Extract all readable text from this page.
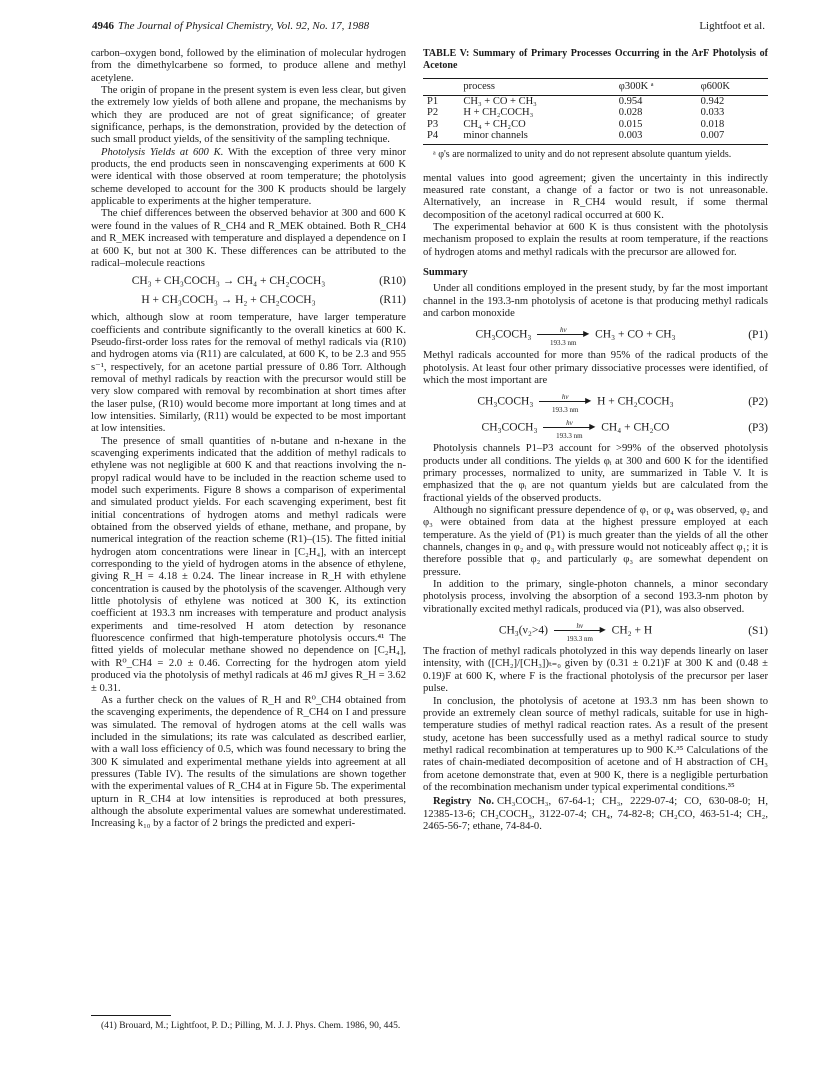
4946 The Journal of Physical Chemistry, Vol. 92, No. 17, 1988	Lightfoot et al.

carbon–oxygen bond, followed by the elimination of molecular hydrogen from the dimethylcarbene so formed, to produce allene and methyl acetylene.

The origin of propane in the present system is even less clear, but given the extremely low yields of both allene and propane, the mechanisms by which they are produced are not of great significance; of greater significance, perhaps, is the demonstration, provided by the detection of such small product yields, of the sensitivity of the sampling technique.

Photolysis Yields at 600 K. With the exception of three very minor products, the end products seen in nonscavenging experiments at 600 K were identical with those observed at room temperature; the photolysis scheme developed to account for the 300 K products should be largely applicable to experiments at the higher temperature.

The chief differences between the observed behavior at 300 and 600 K were found in the values of R_CH4 and R_MEK obtained. Both R_CH4 and R_MEK increased with temperature and displayed a dependence on I at 600 K, but not at 300 K. These differences can be attributed to the radical–molecule reactions

CH₃ + CH₃COCH₃ → CH₄ + CH₂COCH₃	(R10)
H + CH₃COCH₃ → H₂ + CH₂COCH₃	(R11)

which, although slow at room temperature, have larger temperature coefficients and contribute significantly to the overall kinetics at 600 K. Pseudo-first-order loss rates for the removal of methyl radicals via (R10) and hydrogen atoms via (R11) are calculated, at 600 K, to be 2.3 and 955 s⁻¹, respectively, for an acetone partial pressure of 0.86 Torr. Although removal of methyl radicals by reaction with the precursor would still be very slow compared with removal by recombination at short times after the laser pulse, (R10) would become more important at long times and at low intensities. Similarly, (R11) would be expected to be most important at low intensities.

The presence of small quantities of n-butane and n-hexane in the scavenging experiments indicated that the addition of methyl radicals to ethylene was not negligible at 600 K and that reactions involving the n-propyl radical would have to be included in the reaction scheme used to model such experiments. Figure 8 shows a comparison of experimental and simulated product yields. For each scavenging experiment, best fit initial concentrations of hydrogen atoms and methyl radicals were obtained from the observed yields of ethane, methane, and propane, by numerical integration of the reaction scheme (R1)–(15). The fitted initial hydrogen atom concentrations were linear in [C₂H₄], with an intercept corresponding to the yield of hydrogen atoms in the absence of ethylene, giving R_H = 4.18 ± 0.24. The linear increase in R_H with ethylene concentration is caused by the photolysis of the scavenger. Although very little photolysis of ethylene was noticed at 300 K, its extinction coefficient at 193.3 nm increases with temperature and product analysis experiments and time-resolved H atom detection by resonance fluorescence confirmed that high-temperature photolysis occurs.⁴¹ The fitted yields of molecular methane showed no dependence on [C₂H₄], with R⁰_CH4 = 2.0 ± 0.46. Correcting for the hydrogen atom yield produced via the photolysis of methyl radicals at 46 mJ gives R_H = 3.62 ± 0.31.

As a further check on the values of R_H and R⁰_CH4 obtained from the scavenging experiments, the dependence of R_CH4 on I and pressure was simulated. The removal of hydrogen atoms at the cell walls was included in the simulations; its rate was calculated as described earlier, with a wall loss efficiency of 0.5, which was found necessary to bring the 300 K simulated and experimental methane yields into agreement at all pressures (Table IV). The results of the simulations are shown together with the experimental values of R_CH4 at in Figure 5b. The experimental upturn in R_CH4 at low intensities is reproduced at both pressures, although the absolute experimental values are somewhat underestimated. Increasing k₁₀ by a factor of 2 brings the predicted and experi-

(41) Brouard, M.; Lightfoot, P. D.; Pilling, M. J. J. Phys. Chem. 1986, 90, 445.

TABLE V: Summary of Primary Processes Occurring in the ArF Photolysis of Acetone
	process	φ300K ᵃ	φ600K
P1	CH₃ + CO + CH₃	0.954	0.942
P2	H + CH₂COCH₃	0.028	0.033
P3	CH₄ + CH₂CO	0.015	0.018
P4	minor channels	0.003	0.007

ᵃ φ's are normalized to unity and do not represent absolute quantum yields.

mental values into good agreement; given the uncertainty in this indirectly measured rate constant, a change of a factor or two is not unreasonable. Alternatively, an increase in R_CH4 would result, if some thermal decomposition of the acetonyl radical occurred at 600 K.

The experimental behavior at 600 K is thus consistent with the photolysis mechanism proposed to explain the results at room temperature, if the reactions of hydrogen atoms and methyl radicals with the precursor are allowed for.

Summary

Under all conditions employed in the present study, by far the most important channel in the 193.3-nm photolysis of acetone is that producing methyl radicals and carbon monoxide

CH₃COCH₃	hν	▶
193.3 nm
CH₃ + CO + CH₃	(P1)

Methyl radicals accounted for more than 95% of the radical products of the photolysis. At least four other primary dissociative processes were identified, of which the most important are

CH₃COCH₃	hν	▶
193.3 nm
H + CH₂COCH₃	(P2)
CH₃COCH₃	hν	▶
193.3 nm
CH₄ + CH₂CO	(P3)

Photolysis channels P1–P3 account for >99% of the observed photolysis products under all conditions. The yields φᵢ at 300 and 600 K for the identified primary processes, normalized to unity, are summarized in Table V. It is emphasized that the φᵢ are not quantum yields but are calculated from the fractional yields of the observed products.

Although no significant pressure dependence of φ₁ or φ₄ was observed, φ₂ and φ₃ were obtained from data at the highest pressure employed at each temperature. As the yield of (P1) is much greater than the yields of all the other channels, changes in φ₂ and φ₃ with pressure would not noticeably affect φ₁; it is therefore possible that φ₂ and particularly φ₃ are somewhat dependent on pressure.

In addition to the primary, single-photon channels, a minor secondary photolysis process, involving the absorption of a second 193.3-nm photon by vibrationally excited methyl radicals, produced via (P1), was also observed.

CH₃(ν₂>4)	hν	▶
193.3 nm
CH₂ + H	(S1)

The fraction of methyl radicals photolyzed in this way depends linearly on laser intensity, with ([CH₂]/[CH₃])ₜ₌₀ given by (0.31 ± 0.21)F at 300 K and (0.48 ± 0.19)F at 600 K, where F is the fractional photolysis of the precursor per laser pulse.

In conclusion, the photolysis of acetone at 193.3 nm has been shown to provide an extremely clean source of methyl radicals, suitable for use in high-temperature studies of methyl radical reaction rates. As a result of the present study, acetone has been successfully used as a methyl radical source to study methyl radical recombination at temperatures up to 900 K.³⁵ Calculations of the rates of chain-mediated decomposition of acetone and of H abstraction of CH₃ from acetone demonstrate that, even at 900 K, there is a negligible perturbation of the recombination mechanism under typical experimental conditions.³⁵

Registry No. CH₃COCH₃, 67-64-1; CH₃, 2229-07-4; CO, 630-08-0; H, 12385-13-6; CH₂COCH₃, 3122-07-4; CH₄, 74-82-8; CH₂CO, 463-51-4; CH₂, 2465-56-7; ethane, 74-84-0.
